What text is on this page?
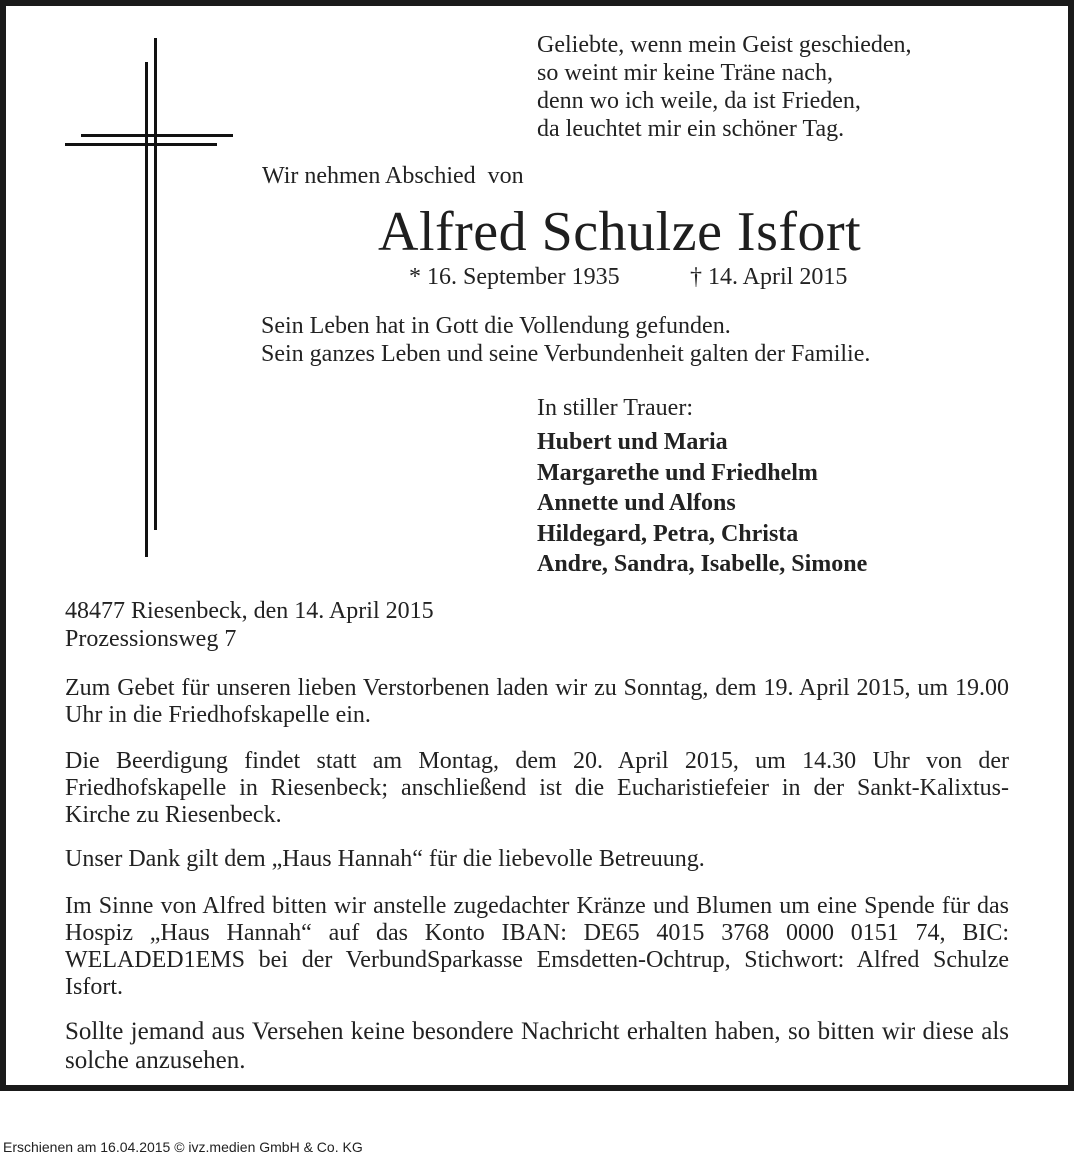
Geliebte, wenn mein Geist geschieden,
so weint mir keine Träne nach,
denn wo ich weile, da ist Frieden,
da leuchtet mir ein schöner Tag.
Wir nehmen Abschied  von
Alfred Schulze Isfort
* 16. September 1935	† 14. April 2015
Sein Leben hat in Gott die Vollendung gefunden.
Sein ganzes Leben und seine Verbundenheit galten der Familie.
In stiller Trauer:
Hubert und Maria
Margarethe und Friedhelm
Annette und Alfons
Hildegard, Petra, Christa
Andre, Sandra, Isabelle, Simone
48477 Riesenbeck, den 14. April 2015
Prozessionsweg 7
Zum Gebet für unseren lieben Verstorbenen laden wir zu Sonntag, dem 19. April 2015, um 19.00 Uhr in die Friedhofskapelle ein.
Die Beerdigung findet statt am Montag, dem 20. April 2015, um 14.30 Uhr von der Friedhofskapelle in Riesenbeck; anschließend ist die Eucharistiefeier in der Sankt-Kalixtus-Kirche zu Riesenbeck.
Unser Dank gilt dem „Haus Hannah“ für die liebevolle Betreuung.
Im Sinne von Alfred bitten wir anstelle zugedachter Kränze und Blumen um eine Spende für das Hospiz „Haus Hannah“ auf das Konto IBAN: DE65 4015 3768 0000 0151 74, BIC: WELADED1EMS bei der VerbundSparkasse Emsdetten-Ochtrup, Stichwort: Alfred Schulze Isfort.
Sollte jemand aus Versehen keine besondere Nachricht erhalten haben, so bitten wir diese als solche anzusehen.
Erschienen am 16.04.2015 © ivz.medien GmbH & Co. KG
